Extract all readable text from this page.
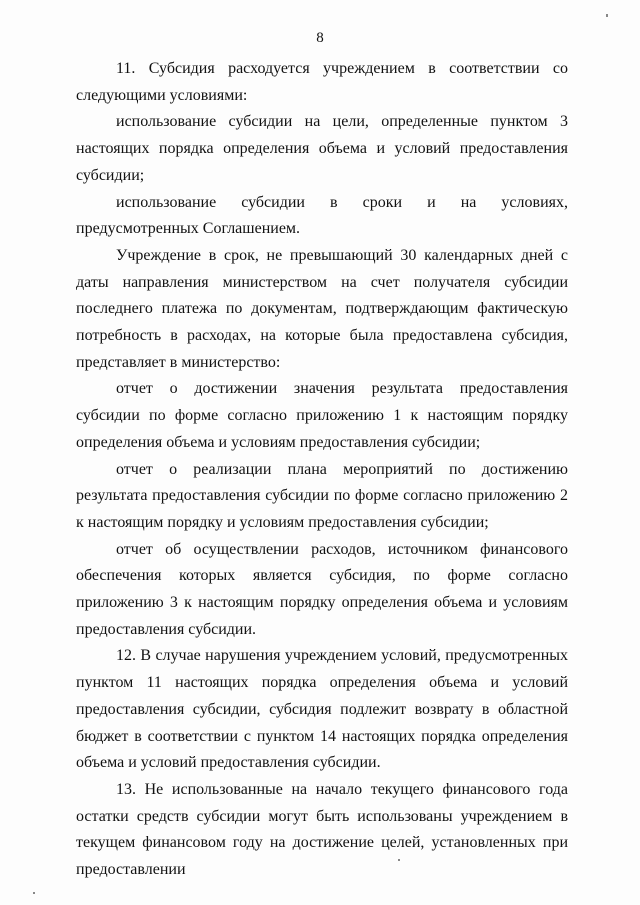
8

11. Субсидия расходуется учреждением в соответствии со следующими условиями:

использование субсидии на цели, определенные пунктом 3 настоящих порядка определения объема и условий предоставления субсидии;

использование субсидии в сроки и на условиях, предусмотренных Соглашением.

Учреждение в срок, не превышающий 30 календарных дней с даты направления министерством на счет получателя субсидии последнего платежа по документам, подтверждающим фактическую потребность в расходах, на которые была предоставлена субсидия, представляет в министерство:

отчет о достижении значения результата предоставления субсидии по форме согласно приложению 1 к настоящим порядку определения объема и условиям предоставления субсидии;

отчет о реализации плана мероприятий по достижению результата предоставления субсидии по форме согласно приложению 2 к настоящим порядку и условиям предоставления субсидии;

отчет об осуществлении расходов, источником финансового обеспечения которых является субсидия, по форме согласно приложению 3 к настоящим порядку определения объема и условиям предоставления субсидии.

12. В случае нарушения учреждением условий, предусмотренных пунктом 11 настоящих порядка определения объема и условий предоставления субсидии, субсидия подлежит возврату в областной бюджет в соответствии с пунктом 14 настоящих порядка определения объема и условий предоставления субсидии.

13. Не использованные на начало текущего финансового года остатки средств субсидии могут быть использованы учреждением в текущем финансовом году на достижение целей, установленных при предоставлении
